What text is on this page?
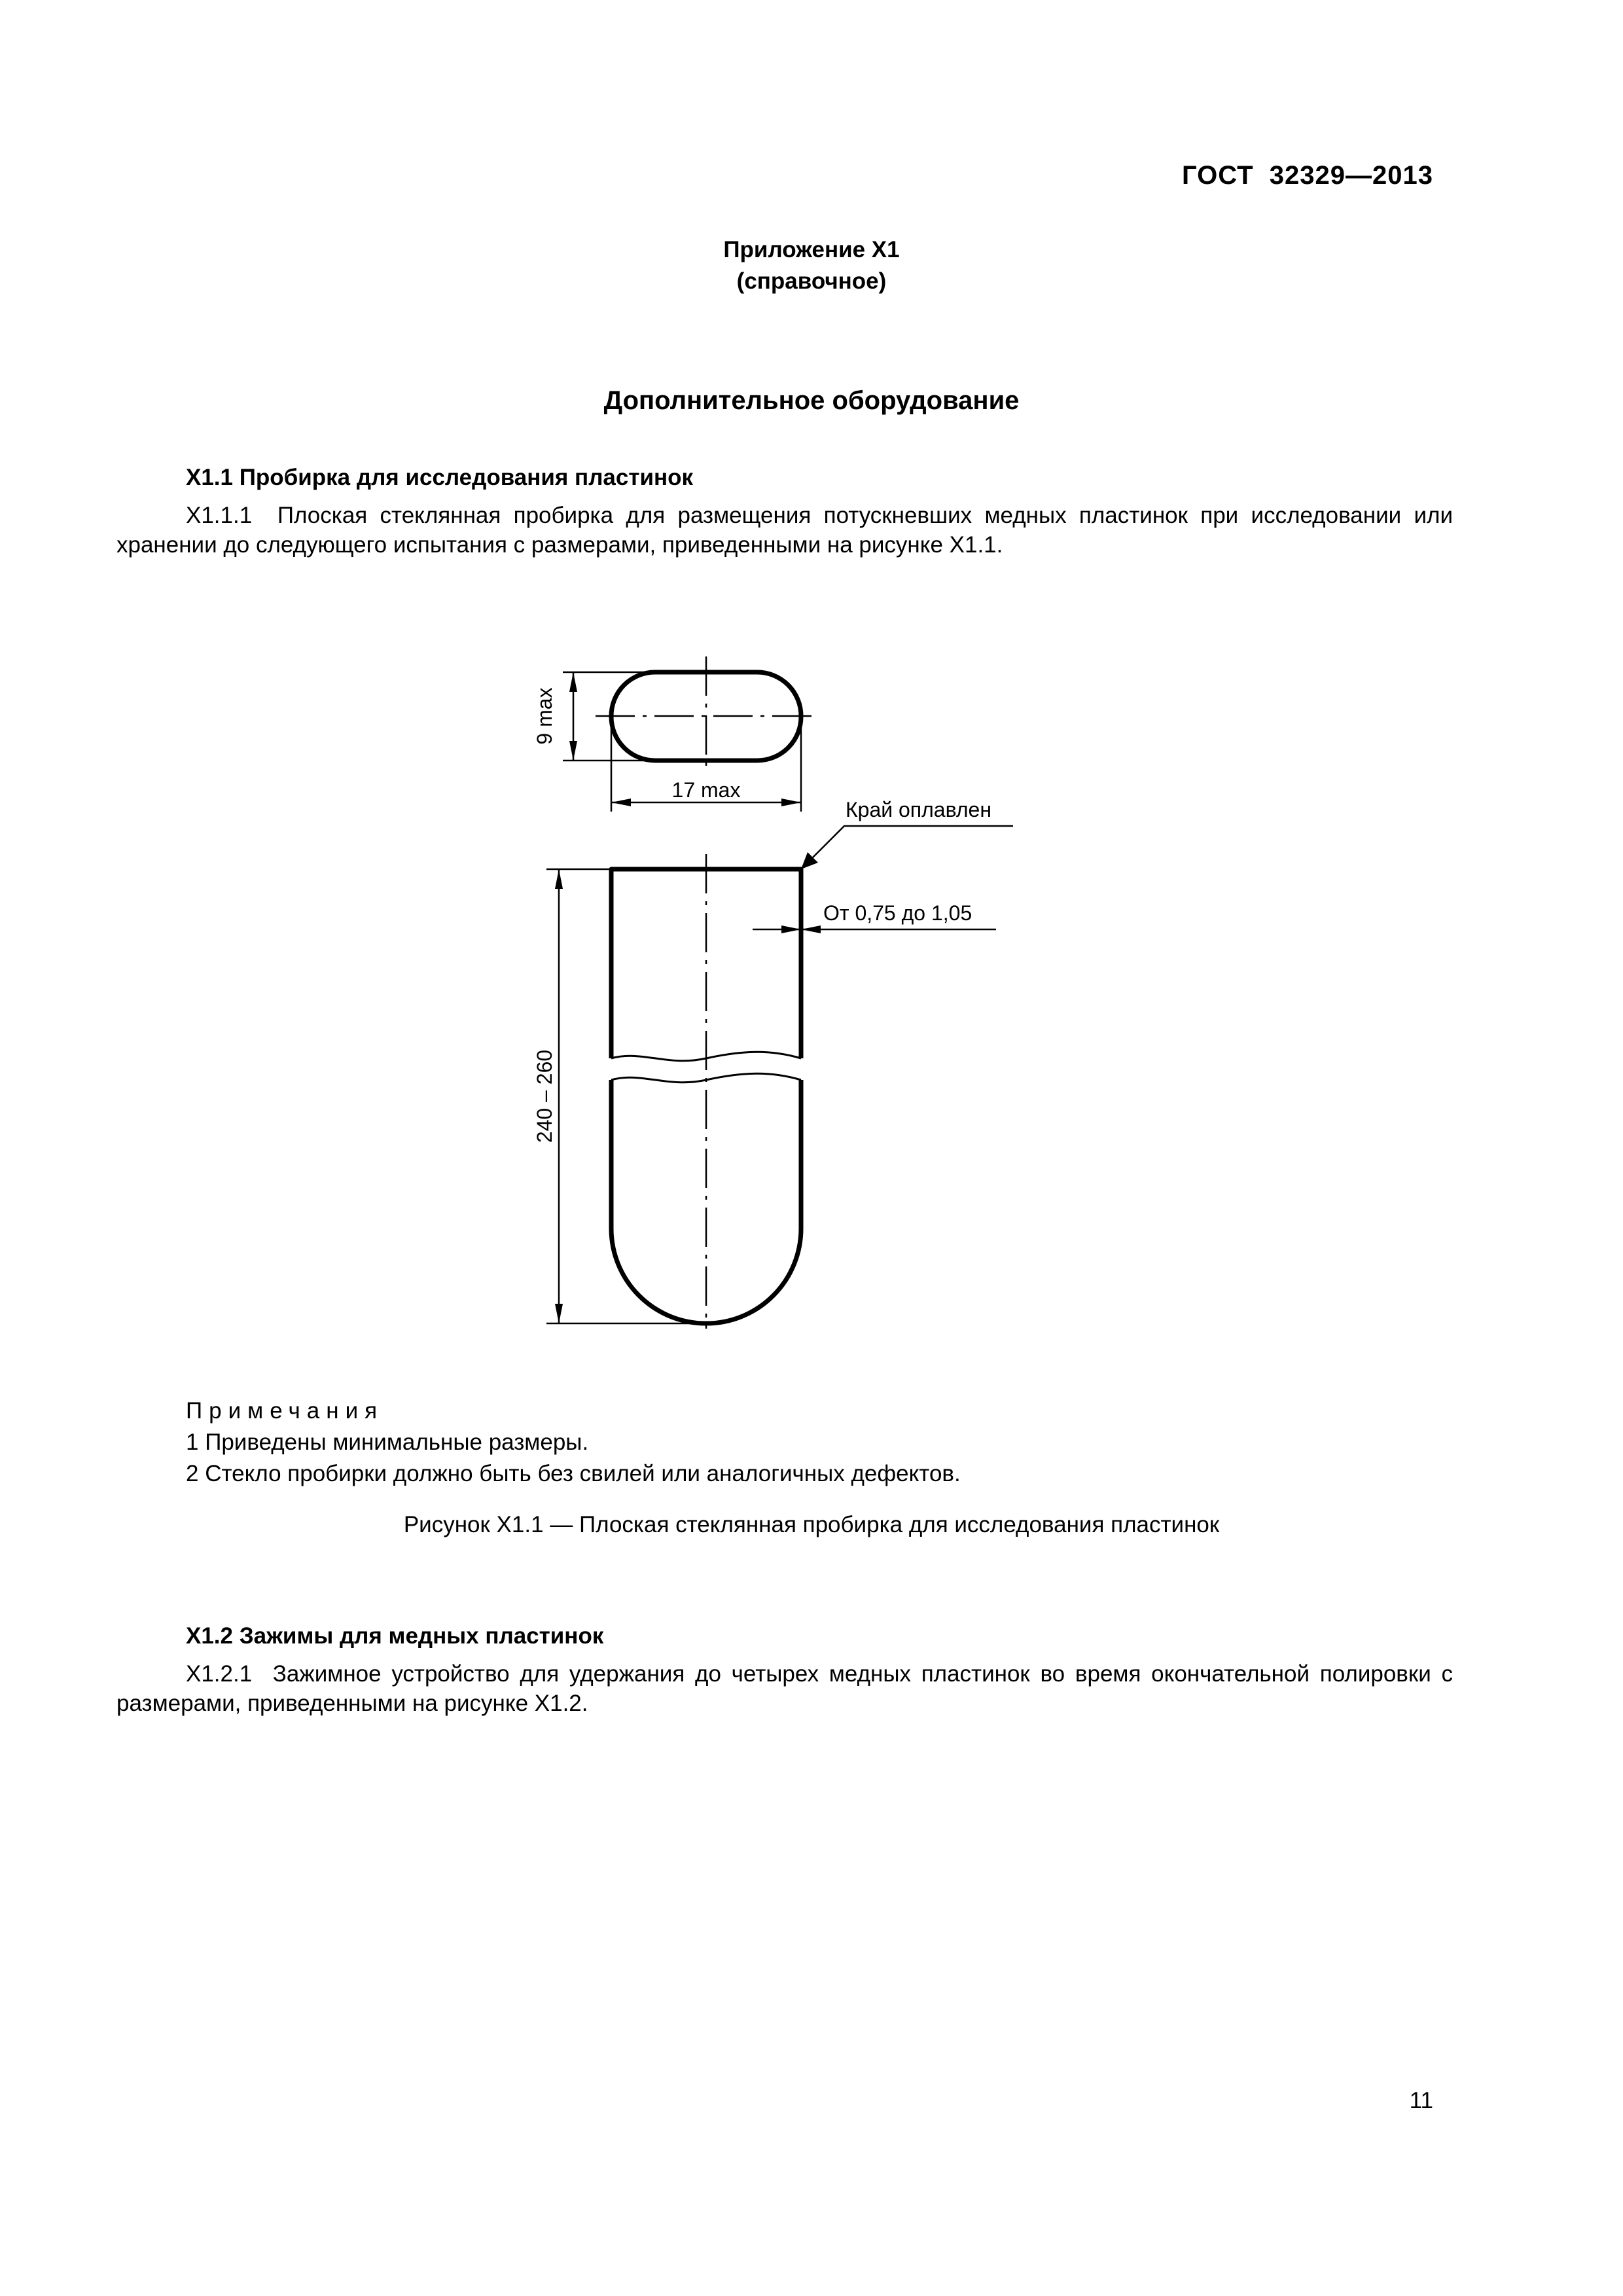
ГОСТ  32329—2013
Приложение Х1
(справочное)
Дополнительное оборудование
Х1.1 Пробирка для исследования пластинок
Х1.1.1 Плоская стеклянная пробирка для размещения потускневших медных пластинок при исследовании или хранении до следующего испытания с размерами, приведенными на рисунке Х1.1.
9 max
17 max
Край оплавлен
От 0,75 до 1,05
240 – 260
Примечания
1 Приведены минимальные размеры.
2 Стекло пробирки должно быть без свилей или аналогичных дефектов.
Рисунок Х1.1 — Плоская стеклянная пробирка для исследования пластинок
Х1.2 Зажимы для медных пластинок
Х1.2.1 Зажимное устройство для удержания до четырех медных пластинок во время окончательной полировки с размерами, приведенными на рисунке Х1.2.
11
